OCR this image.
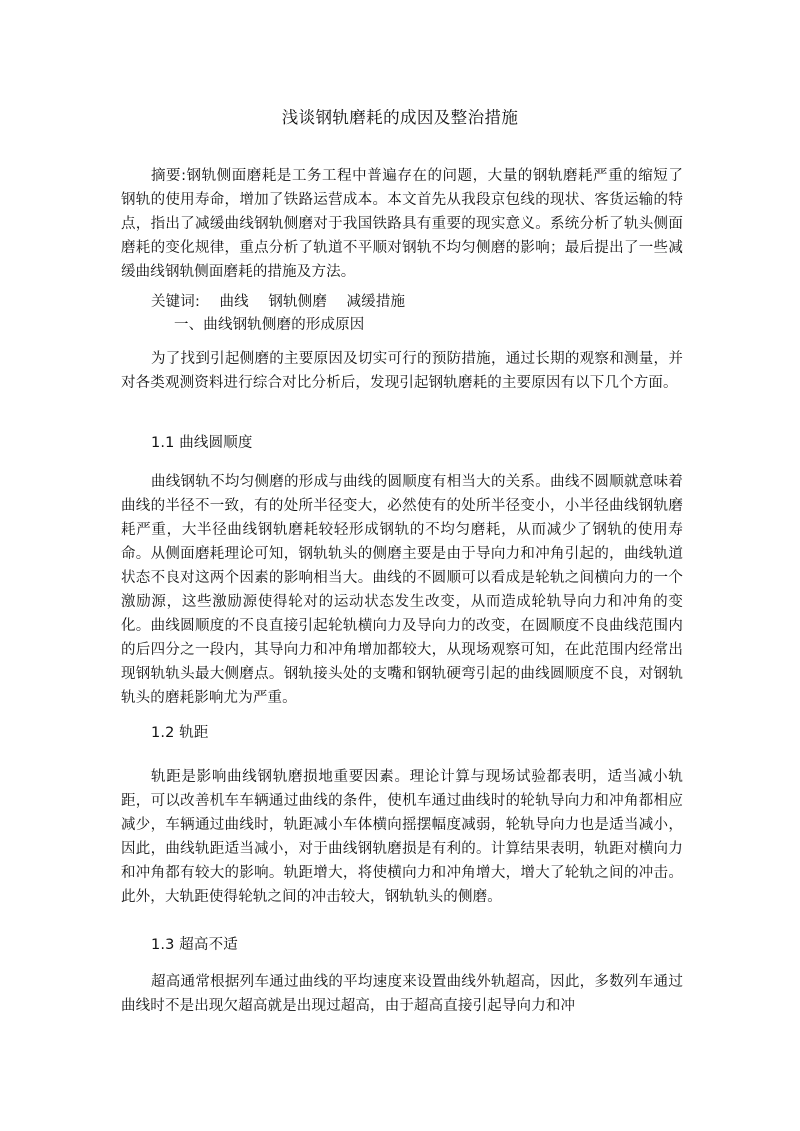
浅谈钢轨磨耗的成因及整治措施
摘要:钢轨侧面磨耗是工务工程中普遍存在的问题，大量的钢轨磨耗严重的缩短了钢轨的使用寿命，增加了铁路运营成本。本文首先从我段京包线的现状、客货运输的特点，指出了减缓曲线钢轨侧磨对于我国铁路具有重要的现实意义。系统分析了轨头侧面磨耗的变化规律，重点分析了轨道不平顺对钢轨不均匀侧磨的影响；最后提出了一些减缓曲线钢轨侧面磨耗的措施及方法。
关键词: 曲线 钢轨侧磨 减缓措施
一、曲线钢轨侧磨的形成原因
为了找到引起侧磨的主要原因及切实可行的预防措施，通过长期的观察和测量，并对各类观测资料进行综合对比分析后，发现引起钢轨磨耗的主要原因有以下几个方面。
1.1 曲线圆顺度
曲线钢轨不均匀侧磨的形成与曲线的圆顺度有相当大的关系。曲线不圆顺就意味着曲线的半径不一致，有的处所半径变大，必然使有的处所半径变小，小半径曲线钢轨磨耗严重，大半径曲线钢轨磨耗较轻形成钢轨的不均匀磨耗，从而减少了钢轨的使用寿命。从侧面磨耗理论可知，钢轨轨头的侧磨主要是由于导向力和冲角引起的，曲线轨道状态不良对这两个因素的影响相当大。曲线的不圆顺可以看成是轮轨之间横向力的一个激励源，这些激励源使得轮对的运动状态发生改变，从而造成轮轨导向力和冲角的变化。曲线圆顺度的不良直接引起轮轨横向力及导向力的改变，在圆顺度不良曲线范围内的后四分之一段内，其导向力和冲角增加都较大，从现场观察可知，在此范围内经常出现钢轨轨头最大侧磨点。钢轨接头处的支嘴和钢轨硬弯引起的曲线圆顺度不良，对钢轨轨头的磨耗影响尤为严重。
1.2 轨距
轨距是影响曲线钢轨磨损地重要因素。理论计算与现场试验都表明，适当减小轨距，可以改善机车车辆通过曲线的条件，使机车通过曲线时的轮轨导向力和冲角都相应减少，车辆通过曲线时，轨距减小车体横向摇摆幅度减弱，轮轨导向力也是适当减小，因此，曲线轨距适当减小，对于曲线钢轨磨损是有利的。计算结果表明，轨距对横向力和冲角都有较大的影响。轨距增大，将使横向力和冲角增大，增大了轮轨之间的冲击。此外，大轨距使得轮轨之间的冲击较大，钢轨轨头的侧磨。
1.3 超高不适
超高通常根据列车通过曲线的平均速度来设置曲线外轨超高，因此，多数列车通过曲线时不是出现欠超高就是出现过超高，由于超高直接引起导向力和冲
